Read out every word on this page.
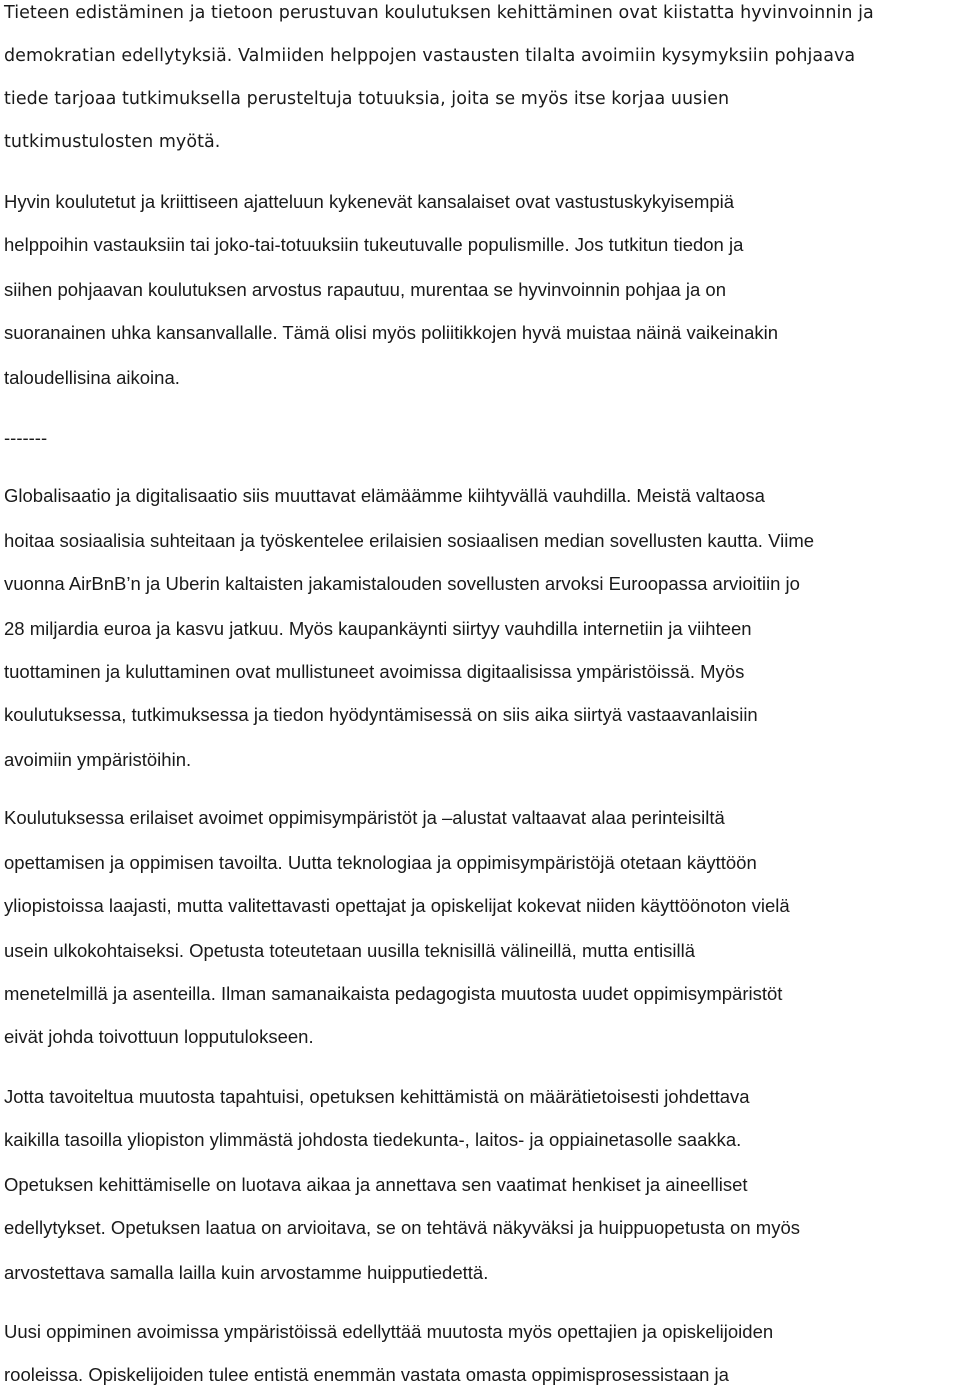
Tieteen edistäminen ja tietoon perustuvan koulutuksen kehittäminen ovat kiistatta hyvinvoinnin ja
demokratian edellytyksiä. Valmiiden helppojen vastausten tilalta avoimiin kysymyksiin pohjaava
tiede tarjoaa tutkimuksella perusteltuja totuuksia, joita se myös itse korjaa uusien
tutkimustulosten myötä.
Hyvin koulutetut ja kriittiseen ajatteluun kykenevät kansalaiset ovat vastustuskykyisempiä
helppoihin vastauksiin tai joko-tai-totuuksiin tukeutuvalle populismille. Jos tutkitun tiedon ja
siihen pohjaavan koulutuksen arvostus rapautuu, murentaa se hyvinvoinnin pohjaa ja on
suoranainen uhka kansanvallalle. Tämä olisi myös poliitikkojen hyvä muistaa näinä vaikeinakin
taloudellisina aikoina.
-------
Globalisaatio ja digitalisaatio siis muuttavat elämäämme kiihtyvällä vauhdilla. Meistä valtaosa
hoitaa sosiaalisia suhteitaan ja työskentelee erilaisien sosiaalisen median sovellusten kautta. Viime
vuonna AirBnB’n ja Uberin kaltaisten jakamistalouden sovellusten arvoksi Euroopassa arvioitiin jo
28 miljardia euroa ja kasvu jatkuu. Myös kaupankäynti siirtyy vauhdilla internetiin ja viihteen
tuottaminen ja kuluttaminen ovat mullistuneet avoimissa digitaalisissa ympäristöissä. Myös
koulutuksessa, tutkimuksessa ja tiedon hyödyntämisessä on siis aika siirtyä vastaavanlaisiin
avoimiin ympäristöihin.
Koulutuksessa erilaiset avoimet oppimisympäristöt ja –alustat valtaavat alaa perinteisiltä
opettamisen ja oppimisen tavoilta. Uutta teknologiaa ja oppimisympäristöjä otetaan käyttöön
yliopistoissa laajasti, mutta valitettavasti opettajat ja opiskelijat kokevat niiden käyttöönoton vielä
usein ulkokohtaiseksi. Opetusta toteutetaan uusilla teknisillä välineillä, mutta entisillä
menetelmillä ja asenteilla. Ilman samanaikaista pedagogista muutosta uudet oppimisympäristöt
eivät johda toivottuun lopputulokseen.
Jotta tavoiteltua muutosta tapahtuisi, opetuksen kehittämistä on määrätietoisesti johdettava
kaikilla tasoilla yliopiston ylimmästä johdosta tiedekunta-, laitos- ja oppiainetasolle saakka.
Opetuksen kehittämiselle on luotava aikaa ja annettava sen vaatimat henkiset ja aineelliset
edellytykset. Opetuksen laatua on arvioitava, se on tehtävä näkyväksi ja huippuopetusta on myös
arvostettava samalla lailla kuin arvostamme huipputiedettä.
Uusi oppiminen avoimissa ympäristöissä edellyttää muutosta myös opettajien ja opiskelijoiden
rooleissa. Opiskelijoiden tulee entistä enemmän vastata omasta oppimisprosessistaan ja
